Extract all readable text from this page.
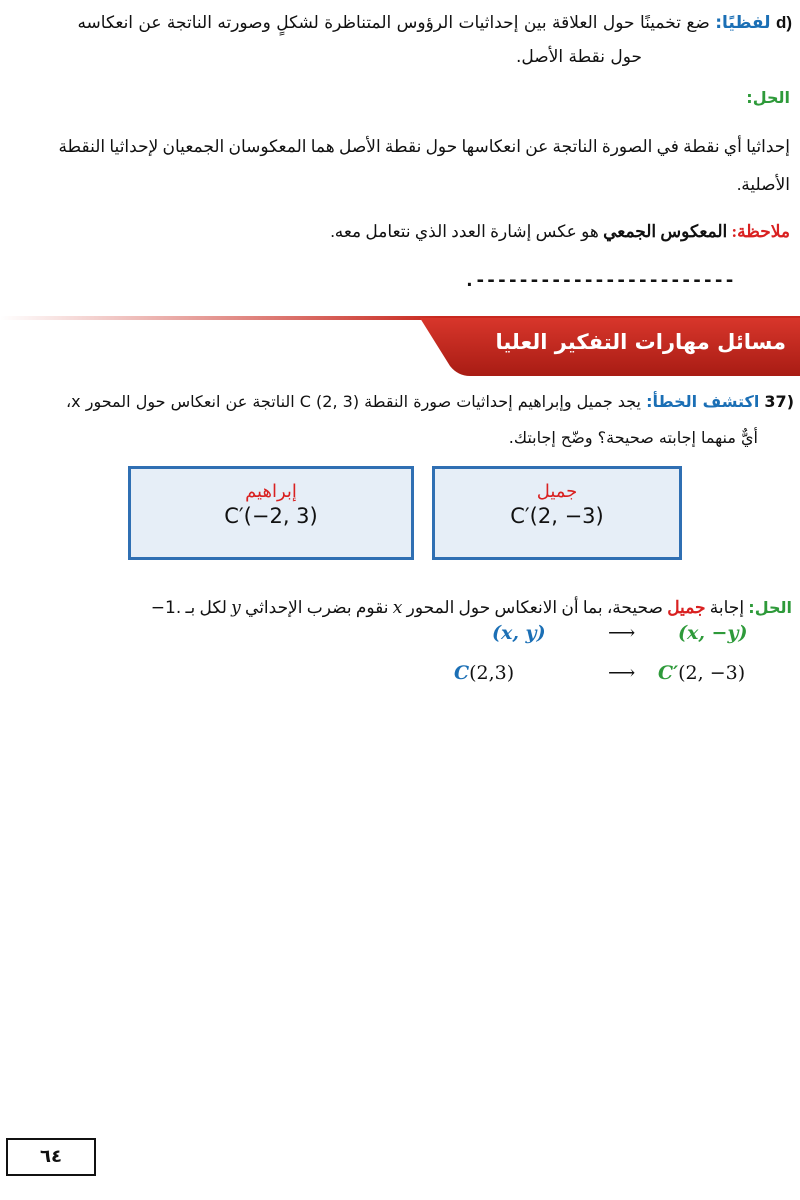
d) لفظيًا: ضع تخمينًا حول العلاقة بين إحداثيات الرؤوس المتناظرة لشكلٍ وصورته الناتجة عن انعكاسه
حول نقطة الأصل.
الحل:
إحداثيا أي نقطة في الصورة الناتجة عن انعكاسها حول نقطة الأصل هما المعكوسان الجمعيان لإحداثيا النقطة الأصلية.
ملاحظة: المعكوس الجمعي هو عكس إشارة العدد الذي نتعامل معه.
.------------------------
مسائل مهارات التفكير العليا
37) اكتشف الخطأ: يجد جميل وإبراهيم إحداثيات صورة النقطة C (2, 3) الناتجة عن انعكاس حول المحور x،
أيٌّ منهما إجابته صحيحة؟ وضّح إجابتك.
جميل
C′(2, −3)
إبراهيم
C′(−2, 3)
الحل: إجابة جميل صحيحة، بما أن الانعكاس حول المحور x نقوم بضرب الإحداثي y لكل بـ −1.
(x, y)	⟶ (x, −y)
C(2,3)	⟶ C′(2, −3)
٦٤
